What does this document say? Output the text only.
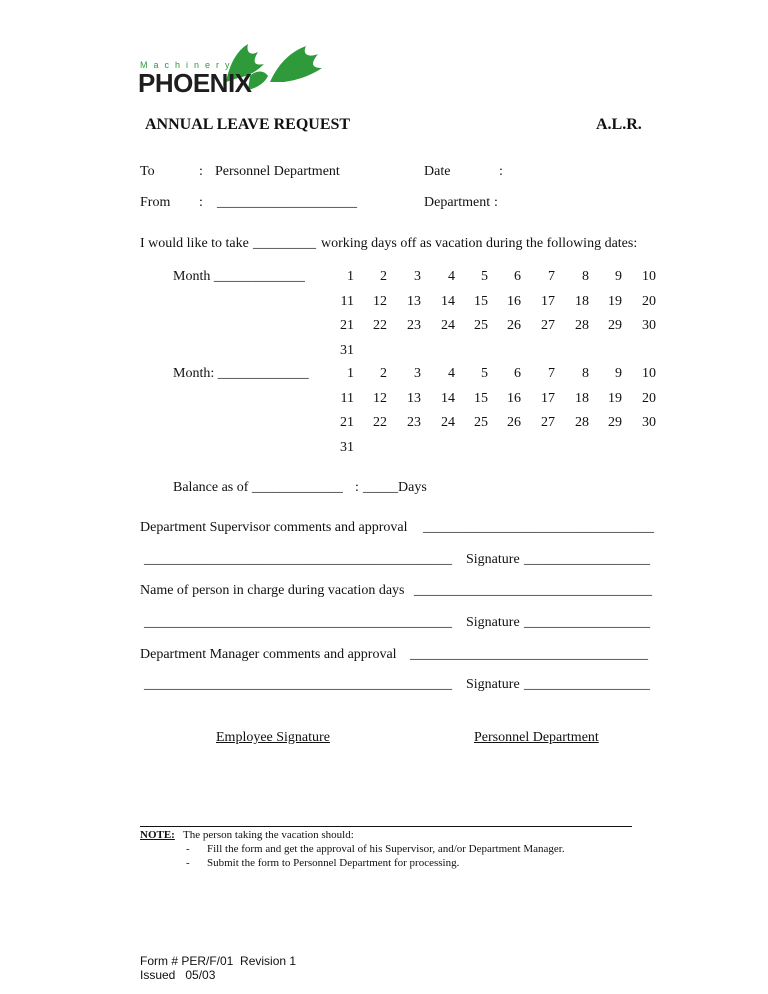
Machinery

PHOENIX

ANNUAL LEAVE REQUEST	A.L.R.
To	: Personnel Department	Date	:
From : ____________________	Department :
I would like to take _________ working days off as vacation during the following dates:
Month _____________	1	2	3	4	5	6	7	8	9	10
11	12	13	14	15	16	17	18	19	20
21	22	23	24	25	26	27	28	29	30
31
Month: _____________	1	2	3	4	5	6	7	8	9	10
11	12	13	14	15	16	17	18	19	20
21	22	23	24	25	26	27	28	29	30
31
Balance as of _____________ : _____Days
Department Supervisor comments and approval _________________________________
____________________________________________ Signature __________________
Name of person in charge during vacation days __________________________________
____________________________________________ Signature __________________
Department Manager comments and approval __________________________________
____________________________________________ Signature __________________
Employee Signature	Personnel Department
NOTE: The person taking the vacation should:
- Fill the form and get the approval of his Supervisor, and/or Department Manager.
- Submit the form to Personnel Department for processing.
Form # PER/F/01  Revision 1
Issued   05/03
